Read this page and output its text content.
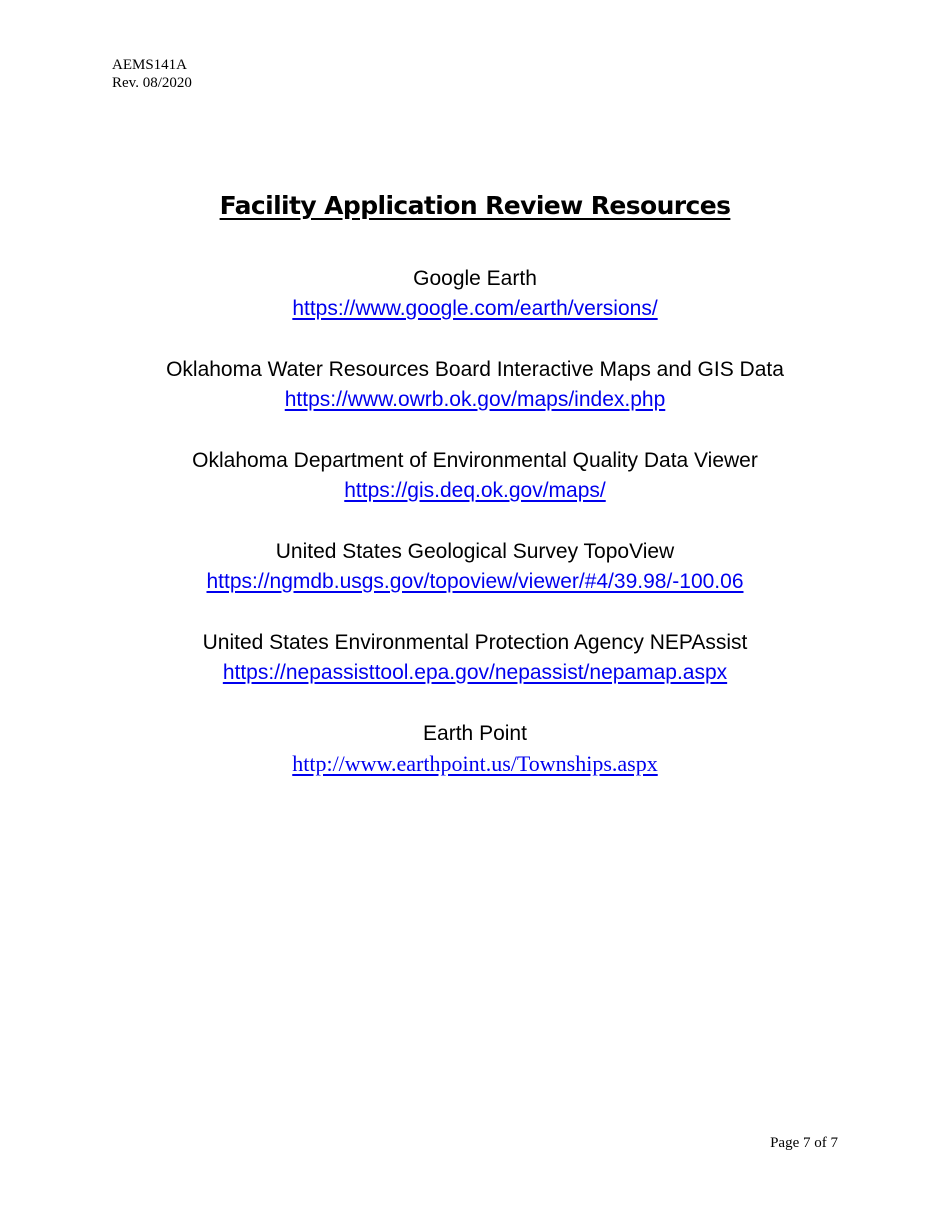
AEMS141A
Rev. 08/2020
Facility Application Review Resources
Google Earth
https://www.google.com/earth/versions/
Oklahoma Water Resources Board Interactive Maps and GIS Data
https://www.owrb.ok.gov/maps/index.php
Oklahoma Department of Environmental Quality Data Viewer
https://gis.deq.ok.gov/maps/
United States Geological Survey TopoView
https://ngmdb.usgs.gov/topoview/viewer/#4/39.98/-100.06
United States Environmental Protection Agency NEPAssist
https://nepassisttool.epa.gov/nepassist/nepamap.aspx
Earth Point
http://www.earthpoint.us/Townships.aspx
Page 7 of 7
